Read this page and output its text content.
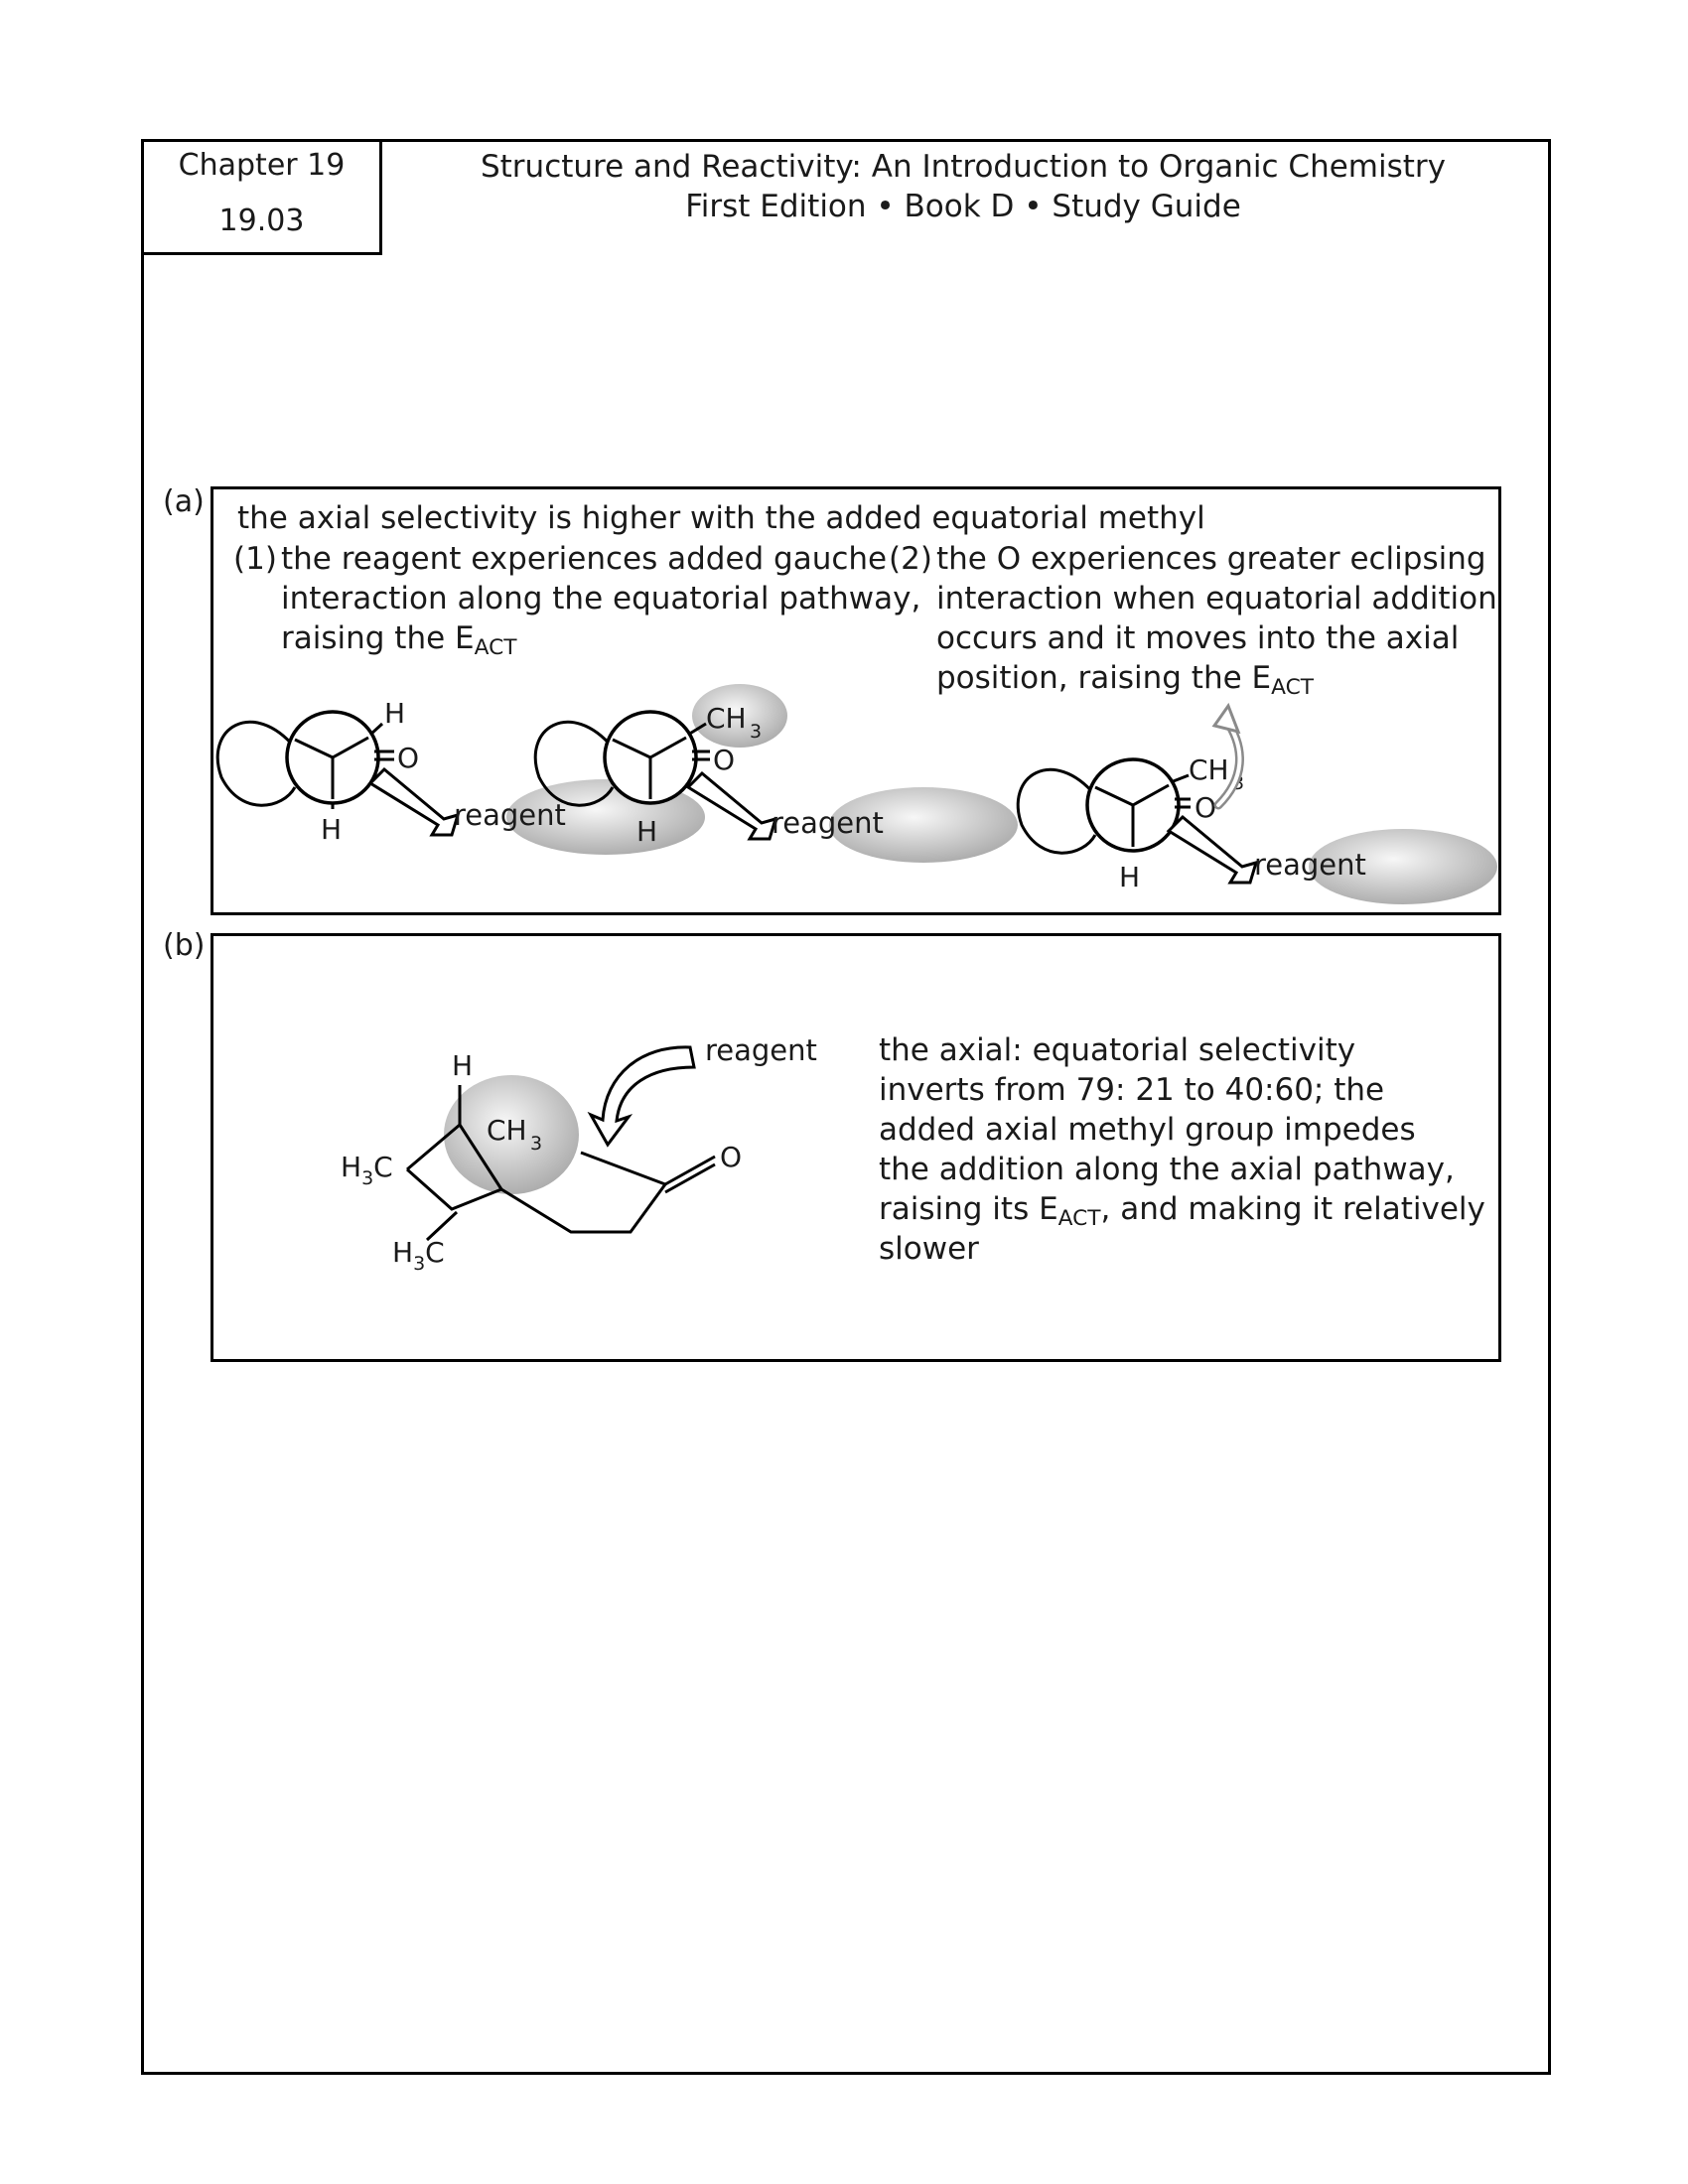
Chapter 19
19.03
Structure and Reactivity: An Introduction to Organic Chemistry
First Edition • Book D • Study Guide
(a) the axial selectivity is higher with the added equatorial methyl
(1) the reagent experiences added gauche
interaction along the equatorial pathway,
raising the $E_{ACT}$
(2) the O experiences greater eclipsing
interaction when equatorial addition
occurs and it moves into the axial
position, raising the $E_{ACT}$
H
O
H	reagent
CH 3
O
H	reagent
CH 3
O
H	reagent
(b)
H
CH 3	O
$H_3C$
$H_3C$
reagent the axial: equatorial selectivity
inverts from 79: 21 to 40:60; the
added axial methyl group impedes
the addition along the axial pathway,
raising its $E_{ACT}$, and making it relatively
slower
